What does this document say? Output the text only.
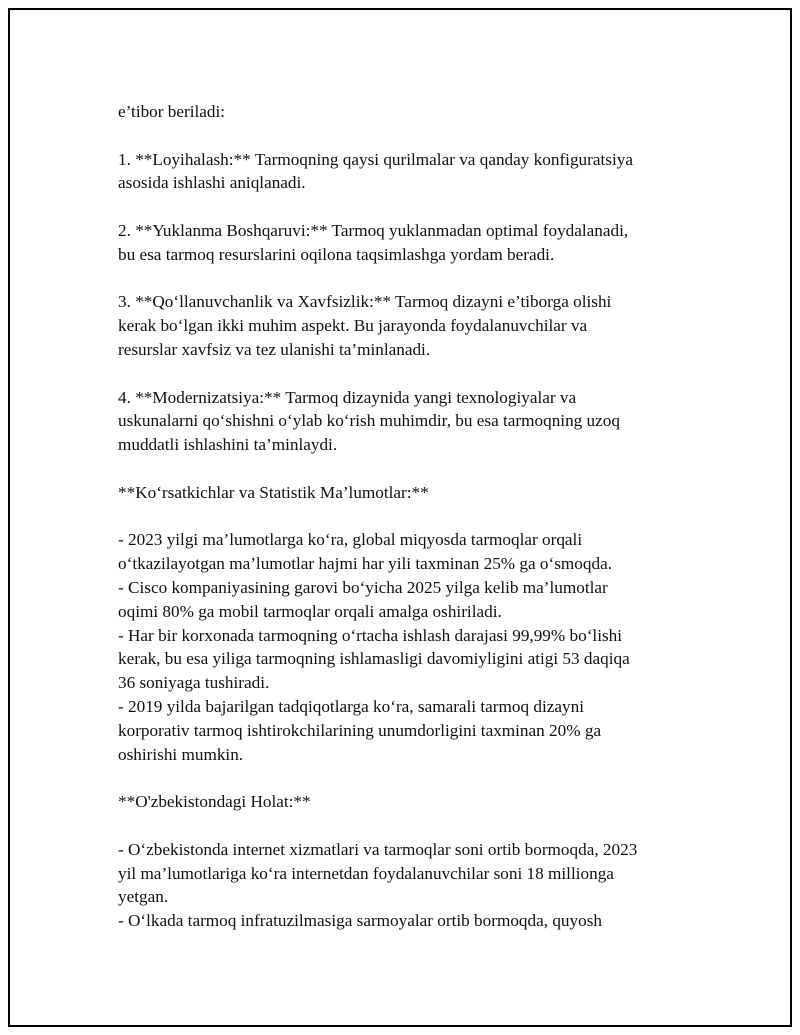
e’tibor beriladi:
1. **Loyihalash:** Tarmoqning qaysi qurilmalar va qanday konfiguratsiya
asosida ishlashi aniqlanadi.
2. **Yuklanma Boshqaruvi:** Tarmoq yuklanmadan optimal foydalanadi,
bu esa tarmoq resurslarini oqilona taqsimlashga yordam beradi.
3. **Qo‘llanuvchanlik va Xavfsizlik:** Tarmoq dizayni e’tiborga olishi
kerak bo‘lgan ikki muhim aspekt. Bu jarayonda foydalanuvchilar va
resurslar xavfsiz va tez ulanishi ta’minlanadi.
4. **Modernizatsiya:** Tarmoq dizaynida yangi texnologiyalar va
uskunalarni qo‘shishni o‘ylab ko‘rish muhimdir, bu esa tarmoqning uzoq
muddatli ishlashini ta’minlaydi.
**Ko‘rsatkichlar va Statistik Ma’lumotlar:**
- 2023 yilgi ma’lumotlarga ko‘ra, global miqyosda tarmoqlar orqali
o‘tkazilayotgan ma’lumotlar hajmi har yili taxminan 25% ga o‘smoqda.
- Cisco kompaniyasining garovi bo‘yicha 2025 yilga kelib ma’lumotlar
oqimi 80% ga mobil tarmoqlar orqali amalga oshiriladi.
- Har bir korxonada tarmoqning o‘rtacha ishlash darajasi 99,99% bo‘lishi
kerak, bu esa yiliga tarmoqning ishlamasligi davomiyligini atigi 53 daqiqa
36 soniyaga tushiradi.
- 2019 yilda bajarilgan tadqiqotlarga ko‘ra, samarali tarmoq dizayni
korporativ tarmoq ishtirokchilarining unumdorligini taxminan 20% ga
oshirishi mumkin.
**O'zbekistondagi Holat:**
- O‘zbekistonda internet xizmatlari va tarmoqlar soni ortib bormoqda, 2023
yil ma’lumotlariga ko‘ra internetdan foydalanuvchilar soni 18 millionga
yetgan.
- O‘lkada tarmoq infratuzilmasiga sarmoyalar ortib bormoqda, quyosh
